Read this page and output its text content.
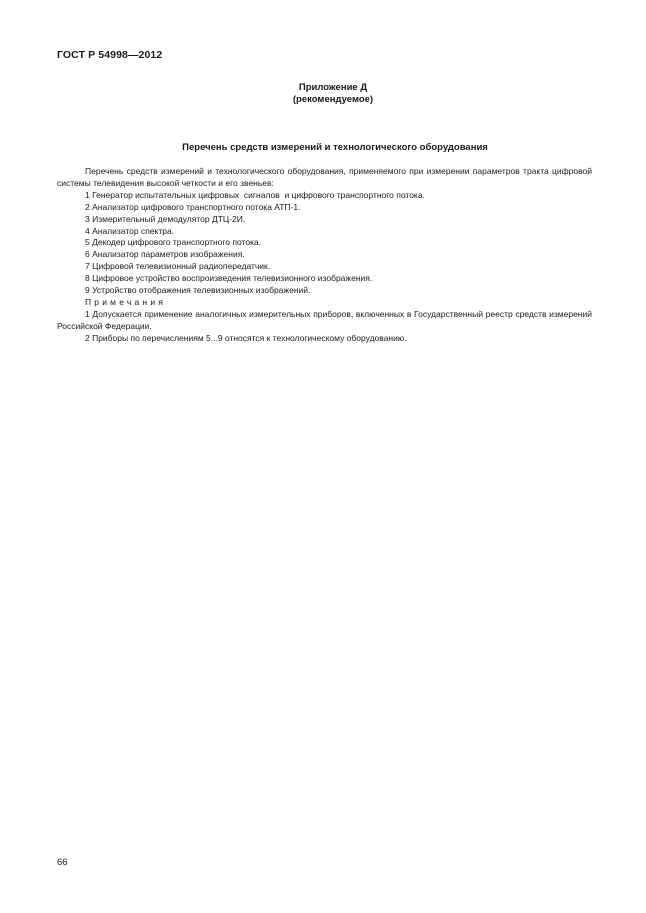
ГОСТ Р 54998—2012
Приложение Д
(рекомендуемое)
Перечень средств измерений и технологического оборудования

Перечень средств измерений и технологического оборудования, применяемого при измерении параметров тракта цифровой системы телевидения высокой четкости и его звеньев:

1 Генератор испытательных цифровых  сигналов  и цифрового транспортного потока.

2 Анализатор цифрового транспортного потока АТП-1.

3 Измерительный демодулятор ДТЦ-2И.

4 Анализатор спектра.

5 Декодер цифрового транспортного потока.

6 Анализатор параметров изображения.

7 Цифровой телевизионный радиопередатчик.

8 Цифровое устройство воспроизведения телевизионного изображения.

9 Устройство отображения телевизионных изображений.

Примечания

1 Допускается применение аналогичных измерительных приборов, включенных в Государственный реестр средств измерений Российской Федерации.

2 Приборы по перечислениям 5...9 относятся к технологическому оборудованию.

66
